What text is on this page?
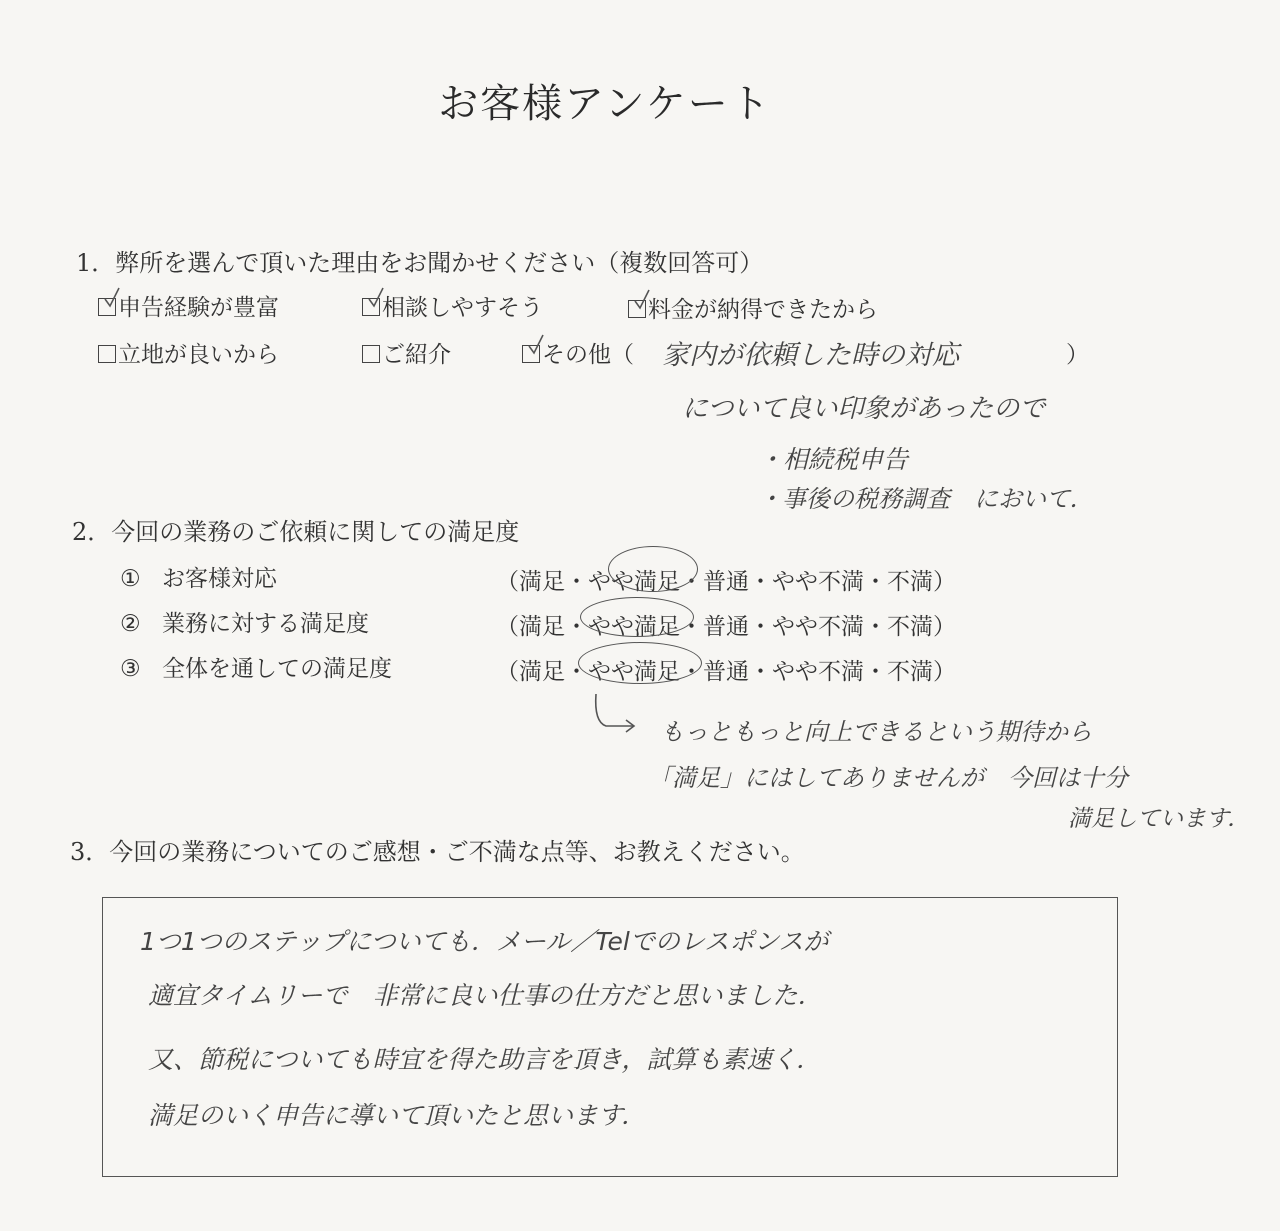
お客様アンケート
1．弊所を選んで頂いた理由をお聞かせください（複数回答可）
申告経験が豊富	相談しやすそう	料金が納得できたから
立地が良いから	ご紹介	その他（	）
家内が依頼した時の対応
について良い印象があったので
・相続税申告
・事後の税務調査　において．
2．今回の業務のご依頼に関しての満足度
① お客様対応	（満足・やや満足・普通・やや不満・不満）
② 業務に対する満足度	（満足・やや満足・普通・やや不満・不満）
③ 全体を通しての満足度	（満足・やや満足・普通・やや不満・不満）
もっともっと向上できるという期待から
「満足」にはしてありませんが　今回は十分
満足しています．
3．今回の業務についてのご感想・ご不満な点等、お教えください。
1つ1つのステップについても．メール／Telでのレスポンスが
適宜タイムリーで　非常に良い仕事の仕方だと思いました．
又、節税についても時宜を得た助言を頂き，試算も素速く．
満足のいく申告に導いて頂いたと思います．
